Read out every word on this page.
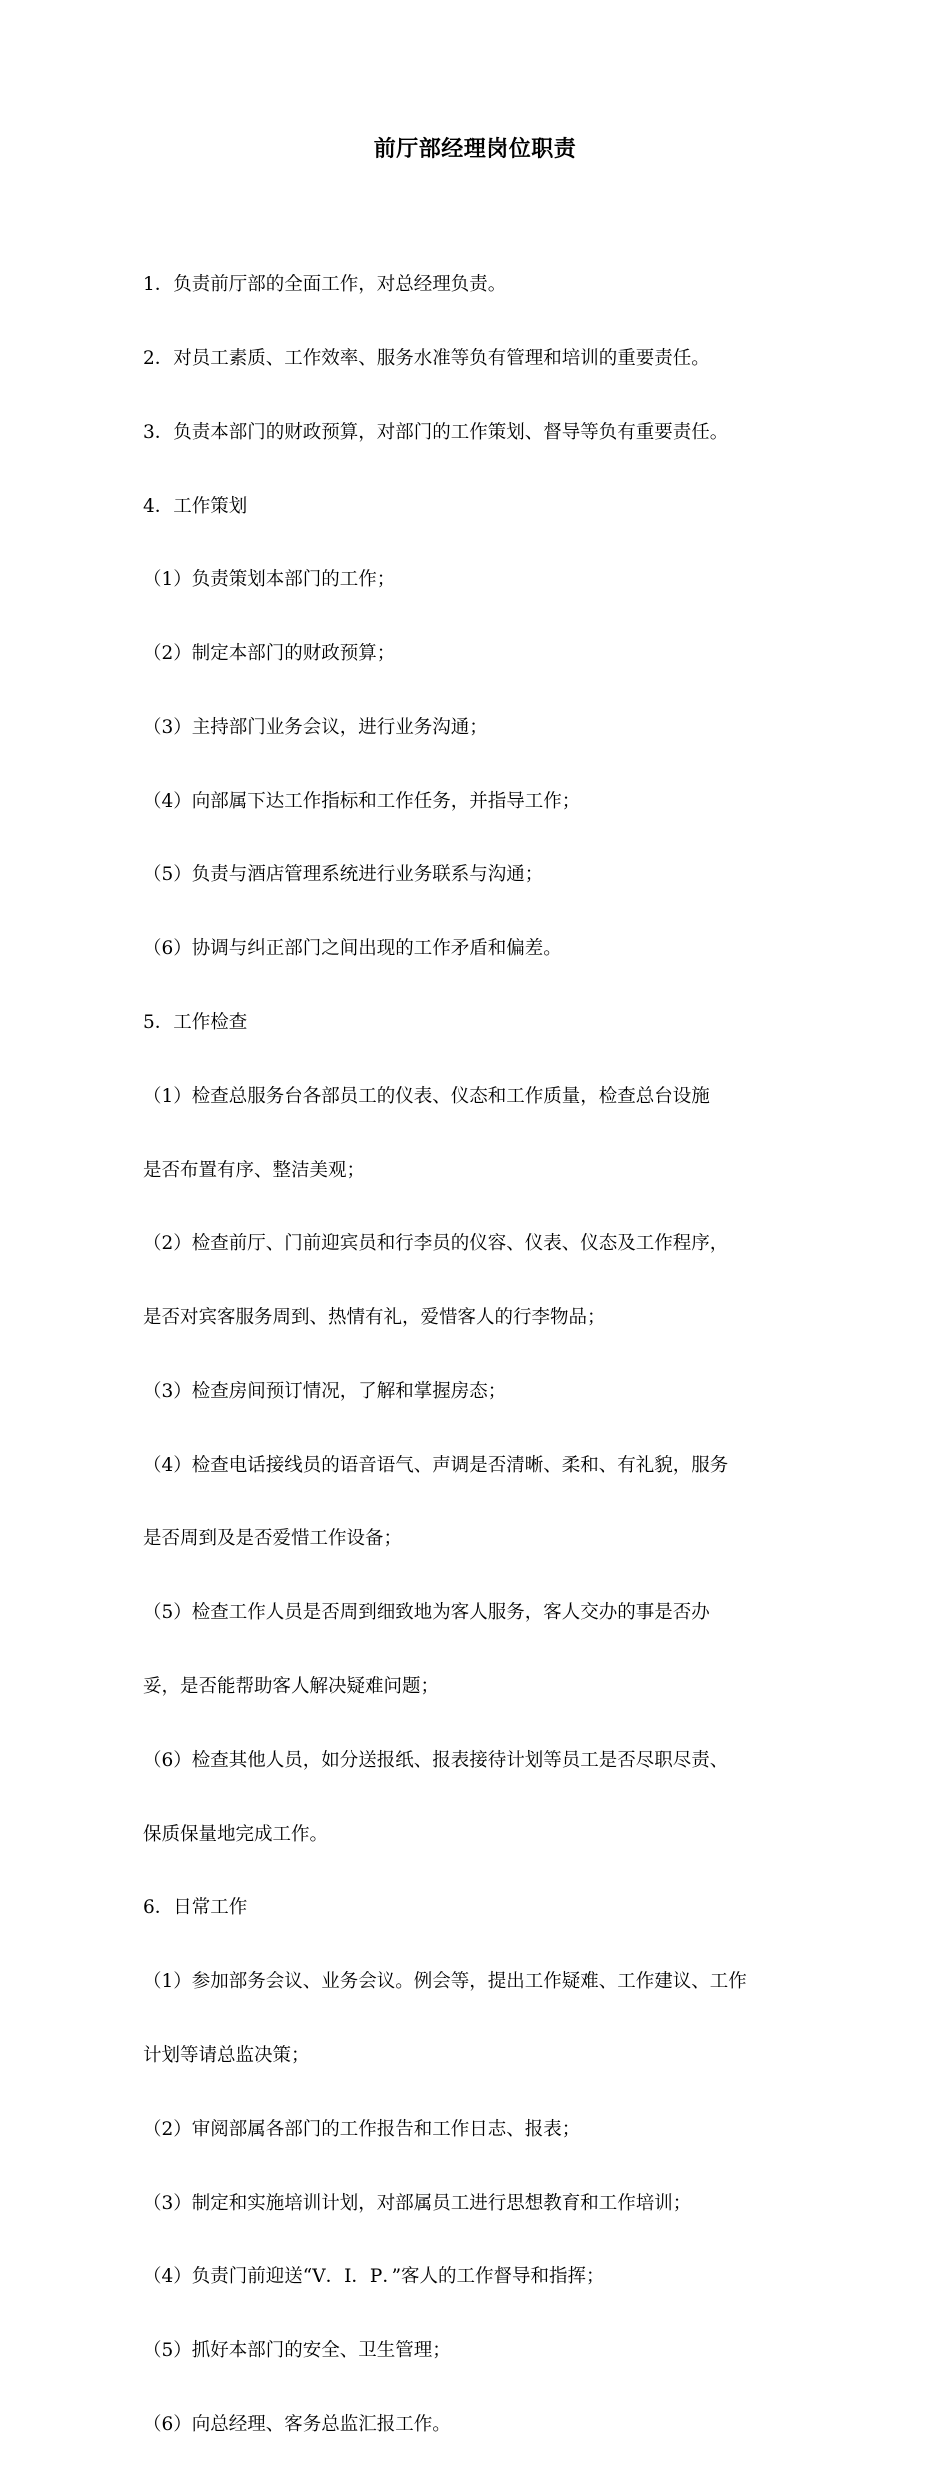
前厅部经理岗位职责

1．负责前厅部的全面工作，对总经理负责。

2．对员工素质、工作效率、服务水准等负有管理和培训的重要责任。

3．负责本部门的财政预算，对部门的工作策划、督导等负有重要责任。

4．工作策划

（1）负责策划本部门的工作；

（2）制定本部门的财政预算；

（3）主持部门业务会议，进行业务沟通；

（4）向部属下达工作指标和工作任务，并指导工作；

（5）负责与酒店管理系统进行业务联系与沟通；

（6）协调与纠正部门之间出现的工作矛盾和偏差。

5．工作检查

（1）检查总服务台各部员工的仪表、仪态和工作质量，检查总台设施

是否布置有序、整洁美观；

（2）检查前厅、门前迎宾员和行李员的仪容、仪表、仪态及工作程序，

是否对宾客服务周到、热情有礼，爱惜客人的行李物品；

（3）检查房间预订情况，了解和掌握房态；

（4）检查电话接线员的语音语气、声调是否清晰、柔和、有礼貌，服务

是否周到及是否爱惜工作设备；

（5）检查工作人员是否周到细致地为客人服务，客人交办的事是否办

妥，是否能帮助客人解决疑难问题；

（6）检查其他人员，如分送报纸、报表接待计划等员工是否尽职尽责、

保质保量地完成工作。

6．日常工作

（1）参加部务会议、业务会议。例会等，提出工作疑难、工作建议、工作

计划等请总监决策；

（2）审阅部属各部门的工作报告和工作日志、报表；

（3）制定和实施培训计划，对部属员工进行思想教育和工作培训；

（4）负责门前迎送“V．I．P．”客人的工作督导和指挥；

（5）抓好本部门的安全、卫生管理；

（6）向总经理、客务总监汇报工作。
